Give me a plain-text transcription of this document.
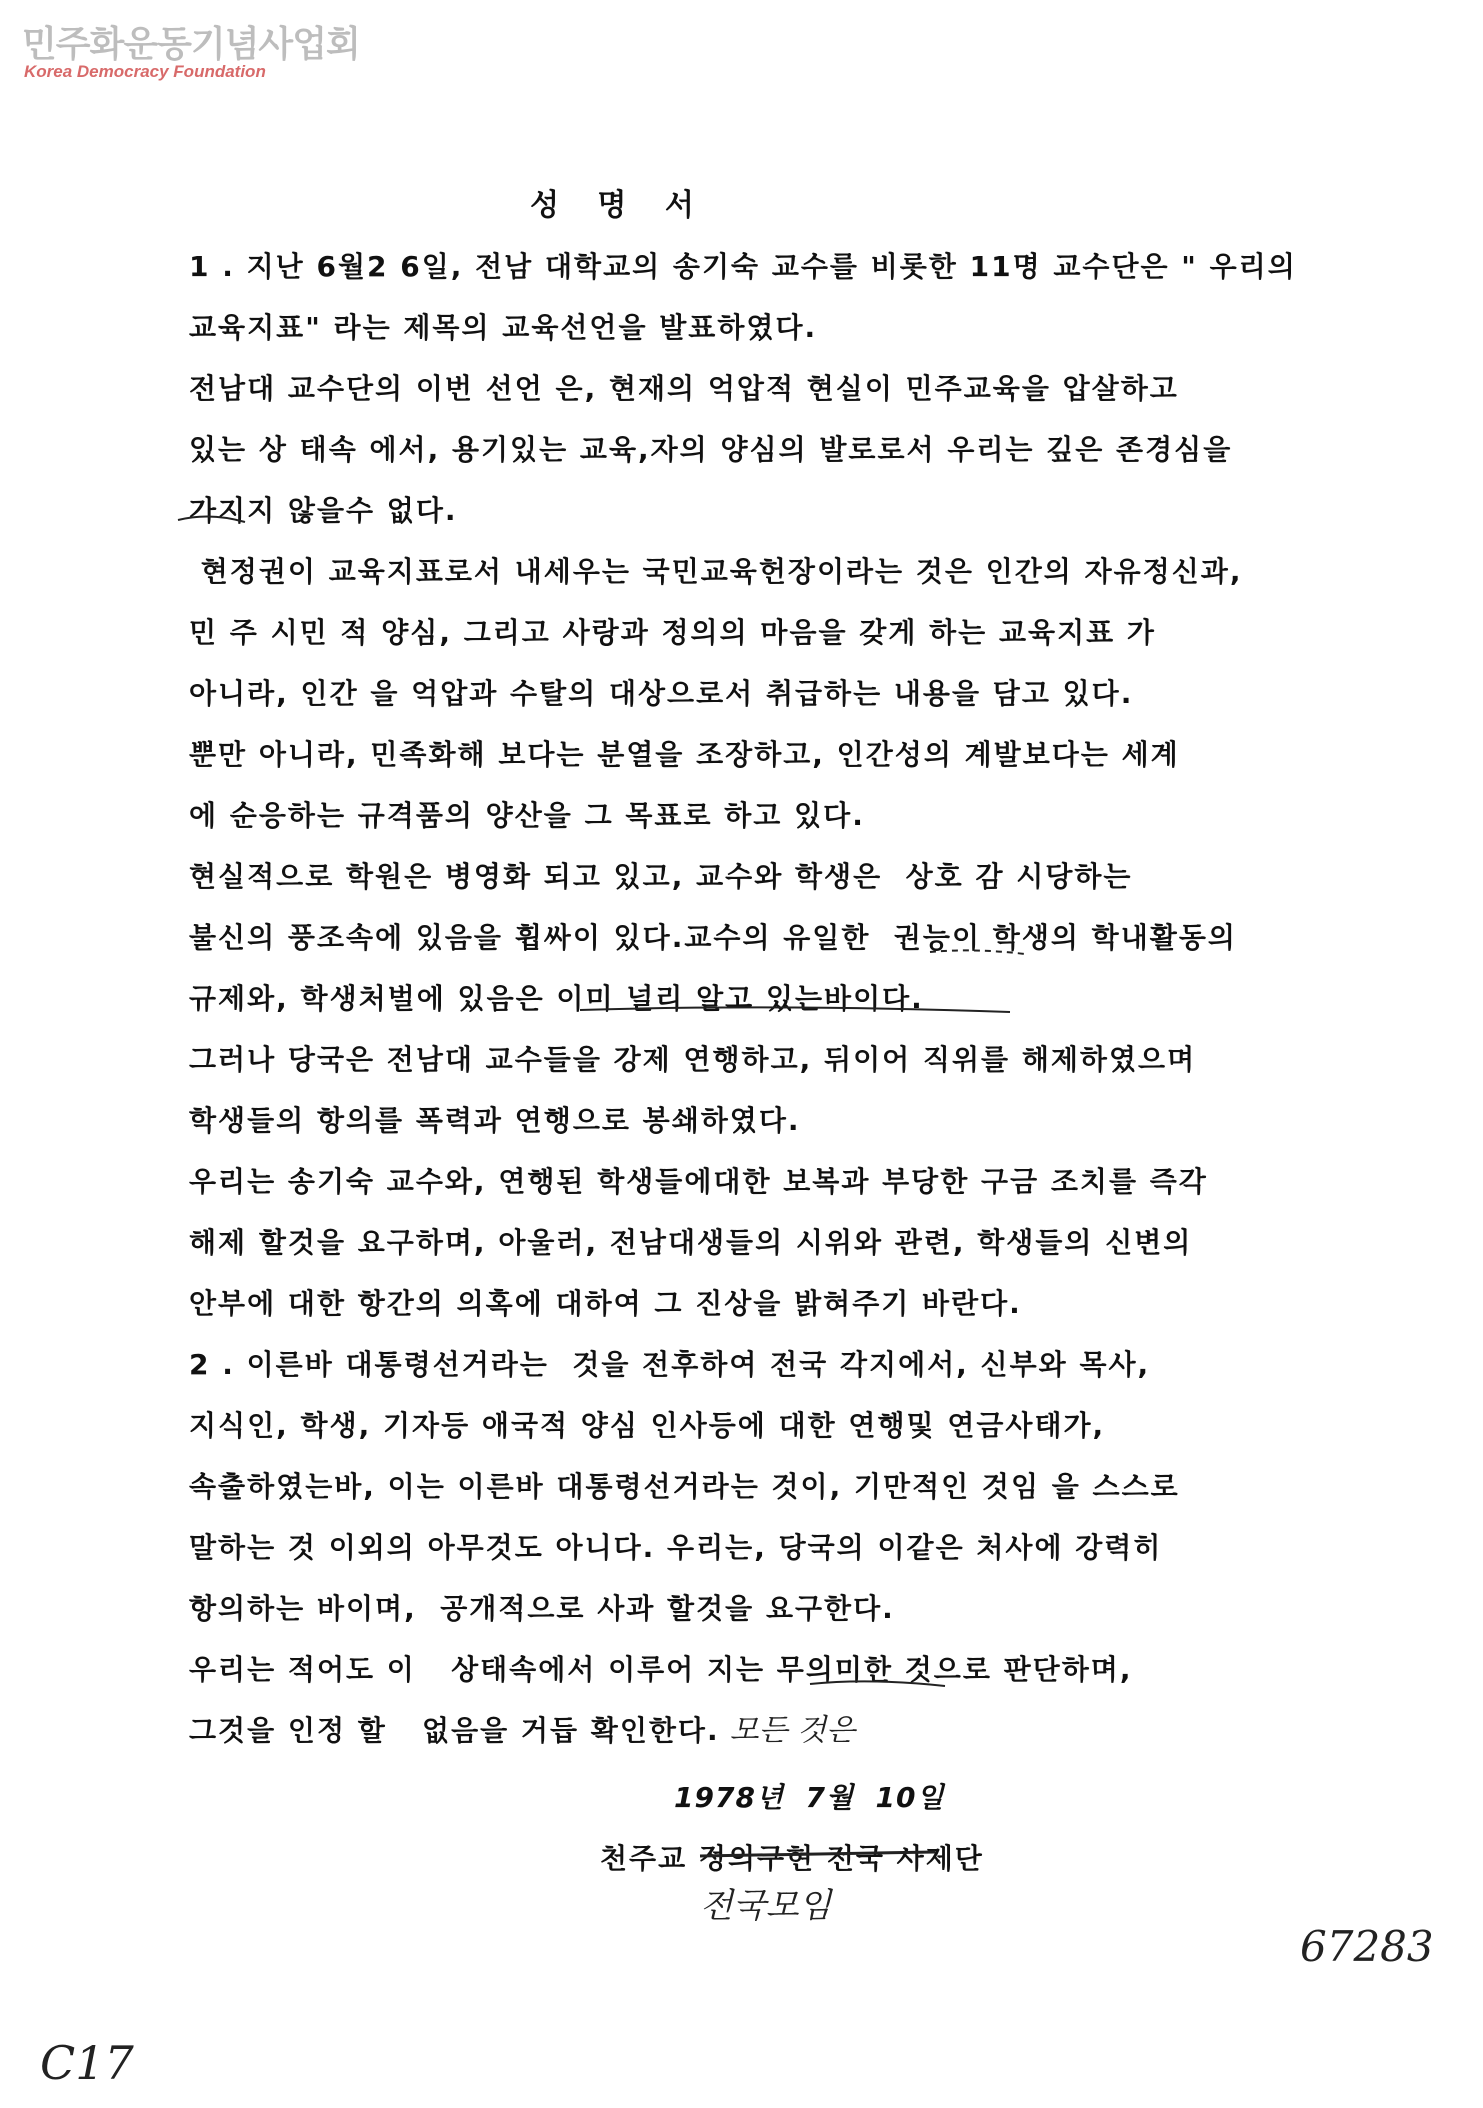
민주화운동기념사업회
Korea Democracy Foundation
성 명 서
1 . 지난 6월2 6일, 전남 대학교의 송기숙 교수를 비롯한 11명 교수단은 " 우리의
교육지표" 라는 제목의 교육선언을 발표하였다.
전남대 교수단의 이번 선언 은, 현재의 억압적 현실이 민주교육을 압살하고
있는 상 태속 에서, 용기있는 교육,자의 양심의 발로로서 우리는 깊은 존경심을
가지지 않을수 없다.
현정권이 교육지표로서 내세우는 국민교육헌장이라는 것은 인간의 자유정신과,
민 주 시민 적 양심, 그리고 사랑과 정의의 마음을 갖게 하는 교육지표 가
아니라, 인간 을 억압과 수탈의 대상으로서 취급하는 내용을 담고 있다.
뿐만 아니라, 민족화해 보다는 분열을 조장하고, 인간성의 계발보다는 세계
에 순응하는 규격품의 양산을 그 목표로 하고 있다.
현실적으로 학원은 병영화 되고 있고, 교수와 학생은  상호 감 시당하는
불신의 풍조속에 있음을 휩싸이 있다.교수의 유일한  권능이 학생의 학내활동의
규제와, 학생처벌에 있음은 이미 널리 알고 있는바이다.
그러나 당국은 전남대 교수들을 강제 연행하고, 뒤이어 직위를 해제하였으며
학생들의 항의를 폭력과 연행으로 봉쇄하였다.
우리는 송기숙 교수와, 연행된 학생들에대한 보복과 부당한 구금 조치를 즉각
해제 할것을 요구하며, 아울러, 전남대생들의 시위와 관련, 학생들의 신변의
안부에 대한 항간의 의혹에 대하여 그 진상을 밝혀주기 바란다.
2 . 이른바 대통령선거라는  것을 전후하여 전국 각지에서, 신부와 목사,
지식인, 학생, 기자등 애국적 양심 인사등에 대한 연행및 연금사태가,
속출하였는바, 이는 이른바 대통령선거라는 것이, 기만적인 것임 을 스스로
말하는 것 이외의 아무것도 아니다. 우리는, 당국의 이같은 처사에 강력히
항의하는 바이며,  공개적으로 사과 할것을 요구한다.
우리는 적어도 이   상태속에서 이루어 지는 무의미한 것으로 판단하며,
그것을 인정 할   없음을 거듭 확인한다. 모든 것은
1978년  7월  10일
천주교 정의구현 전국 사제단
전국모임
67283
C17
